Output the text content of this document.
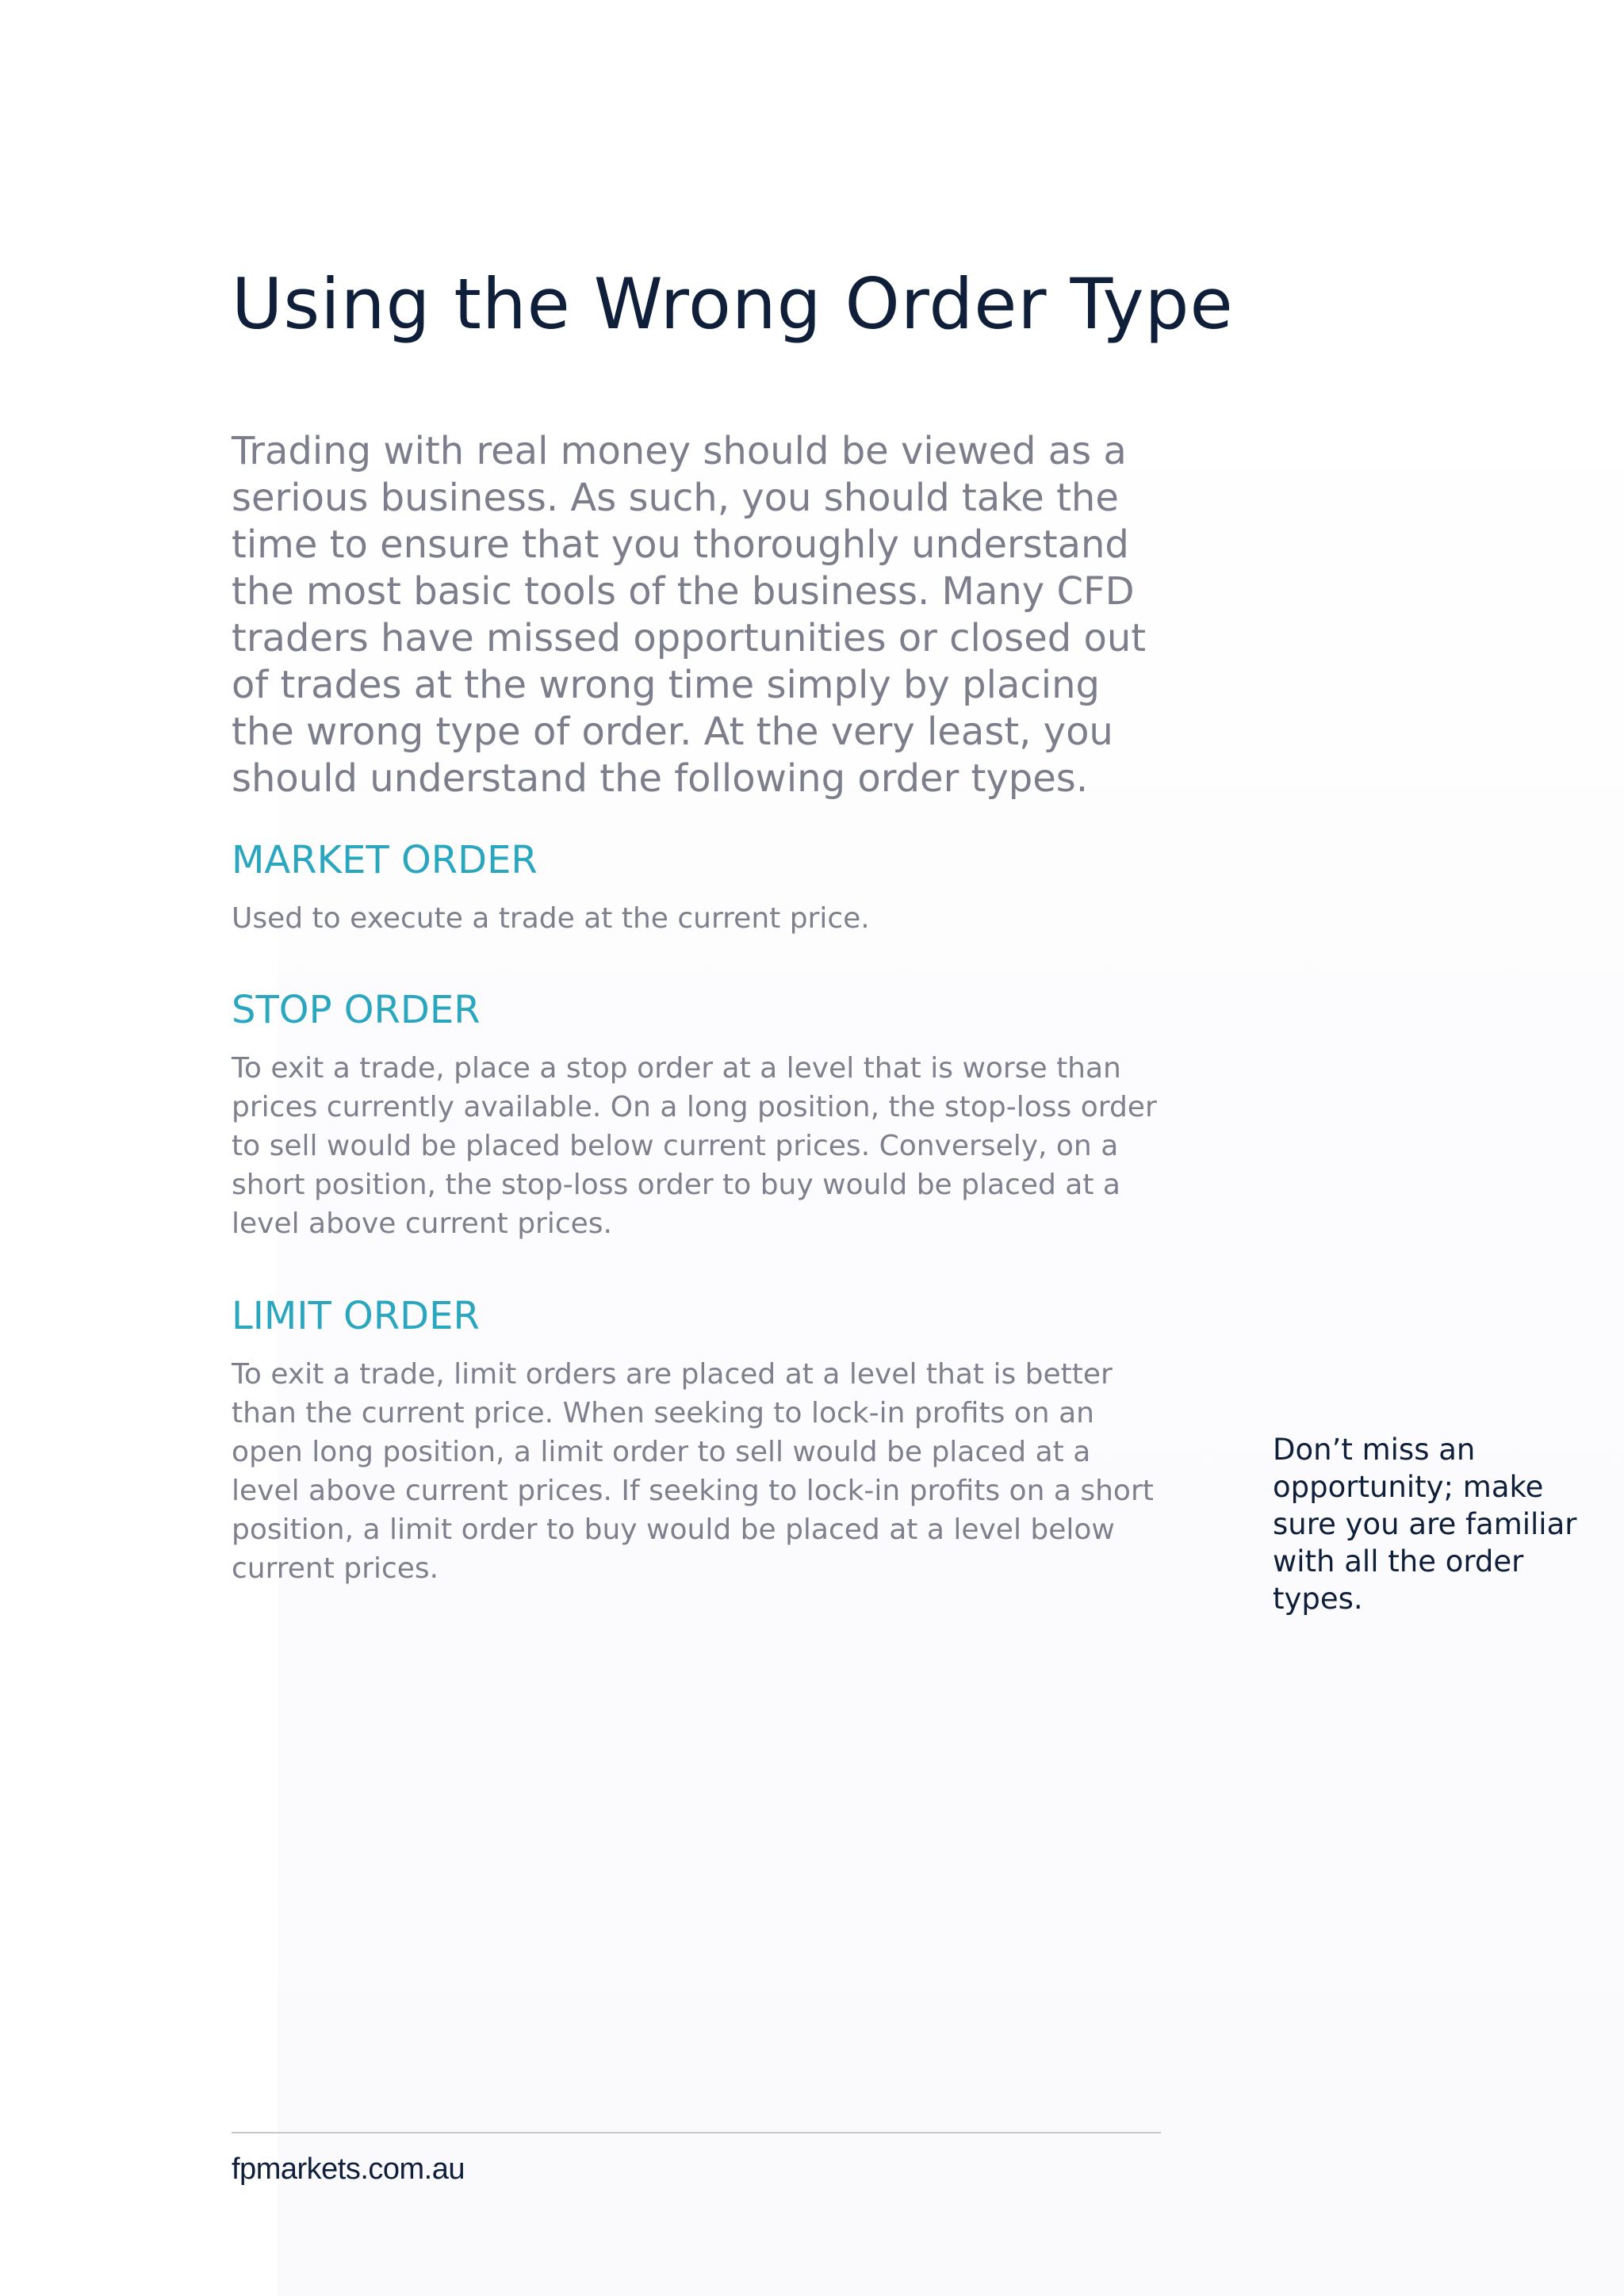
Using the Wrong Order Type

Trading with real money should be viewed as a
serious business. As such, you should take the
time to ensure that you thoroughly understand
the most basic tools of the business. Many CFD
traders have missed opportunities or closed out
of trades at the wrong time simply by placing
the wrong type of order. At the very least, you
should understand the following order types.

MARKET ORDER

Used to execute a trade at the current price.

STOP ORDER

To exit a trade, place a stop order at a level that is worse than
prices currently available. On a long position, the stop-loss order
to sell would be placed below current prices. Conversely, on a
short position, the stop-loss order to buy would be placed at a
level above current prices.

LIMIT ORDER

To exit a trade, limit orders are placed at a level that is better
than the current price. When seeking to lock-in profits on an
open long position, a limit order to sell would be placed at a
level above current prices. If seeking to lock-in profits on a short
position, a limit order to buy would be placed at a level below
current prices.

Don’t miss an
opportunity; make
sure you are familiar
with all the order
types.

fpmarkets.com.au
